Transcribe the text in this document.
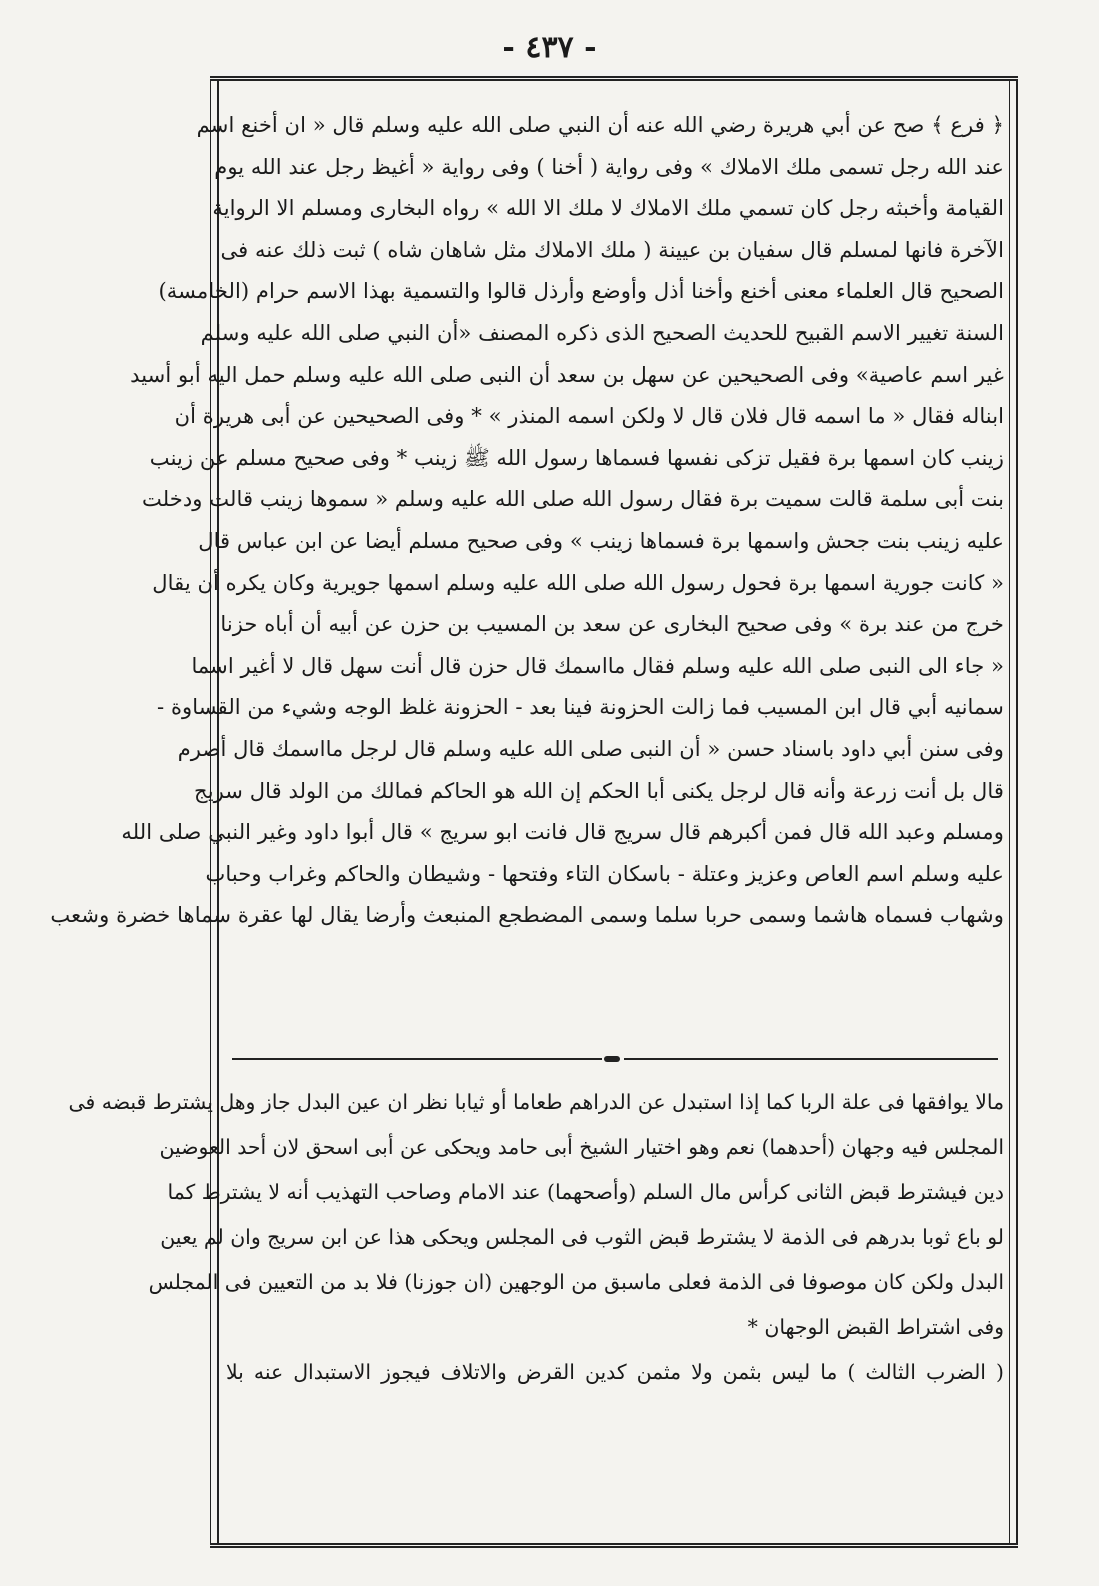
- ٤٣٧ -
﴿ فرع ﴾ صح عن أبي هريرة رضي الله عنه أن النبي صلى الله عليه وسلم قال « ان أخنع اسم
عند الله رجل تسمى ملك الاملاك » وفى رواية ( أخنا ) وفى رواية « أغيظ رجل عند الله يوم
القيامة وأخبثه رجل كان تسمي ملك الاملاك لا ملك الا الله » رواه البخارى ومسلم الا الرواية
الآخرة فانها لمسلم قال سفيان بن عيينة ( ملك الاملاك مثل شاهان شاه ) ثبت ذلك عنه فى
الصحيح قال العلماء معنى أخنع وأخنا أذل وأوضع وأرذل قالوا والتسمية بهذا الاسم حرام (الخامسة)
السنة تغيير الاسم القبيح للحديث الصحيح الذى ذكره المصنف «أن النبي صلى الله عليه وسلم
غير اسم عاصية» وفى الصحيحين عن سهل بن سعد أن النبى صلى الله عليه وسلم حمل اليه أبو أسيد
ابناله فقال « ما اسمه قال فلان قال لا ولكن اسمه المنذر » * وفى الصحيحين عن أبى هريرة أن
زينب كان اسمها برة فقيل تزكى نفسها فسماها رسول الله ﷺ زينب * وفى صحيح مسلم عن زينب
بنت أبى سلمة قالت سميت برة فقال رسول الله صلى الله عليه وسلم « سموها زينب قالت ودخلت
عليه زينب بنت جحش واسمها برة فسماها زينب » وفى صحيح مسلم أيضا عن ابن عباس قال
« كانت جورية اسمها برة فحول رسول الله صلى الله عليه وسلم اسمها جويرية وكان يكره أن يقال
خرج من عند برة » وفى صحيح البخارى عن سعد بن المسيب بن حزن عن أبيه أن أباه حزنا
« جاء الى النبى صلى الله عليه وسلم فقال مااسمك قال حزن قال أنت سهل قال لا أغير اسما
سمانيه أبي قال ابن المسيب فما زالت الحزونة فينا بعد - الحزونة غلظ الوجه وشيء من القساوة -
وفى سنن أبي داود باسناد حسن « أن النبى صلى الله عليه وسلم قال لرجل مااسمك قال أصرم
قال بل أنت زرعة وأنه قال لرجل يكنى أبا الحكم إن الله هو الحاكم فمالك من الولد قال سريج
ومسلم وعبد الله قال فمن أكبرهم قال سريج قال فانت ابو سريج » قال أبوا داود وغير النبي صلى الله
عليه وسلم اسم العاص وعزيز وعتلة - باسكان التاء وفتحها - وشيطان والحاكم وغراب وحباب
وشهاب فسماه هاشما وسمى حربا سلما وسمى المضطجع المنبعث وأرضا يقال لها عقرة سماها خضرة وشعب
مالا يوافقها فى علة الربا كما إذا استبدل عن الدراهم طعاما أو ثيابا نظر ان عين البدل جاز وهل يشترط قبضه فى
المجلس فيه وجهان (أحدهما) نعم وهو اختيار الشيخ أبى حامد ويحكى عن أبى اسحق لان أحد العوضين
دين فيشترط قبض الثانى كرأس مال السلم (وأصحهما) عند الامام وصاحب التهذيب أنه لا يشترط كما
لو باع ثوبا بدرهم فى الذمة لا يشترط قبض الثوب فى المجلس ويحكى هذا عن ابن سريج وان لم يعين
البدل ولكن كان موصوفا فى الذمة فعلى ماسبق من الوجهين (ان جوزنا) فلا بد من التعيين فى المجلس
وفى اشتراط القبض الوجهان *
( الضرب الثالث ) ما ليس بثمن ولا مثمن كدين القرض والاتلاف فيجوز الاستبدال عنه بلا
